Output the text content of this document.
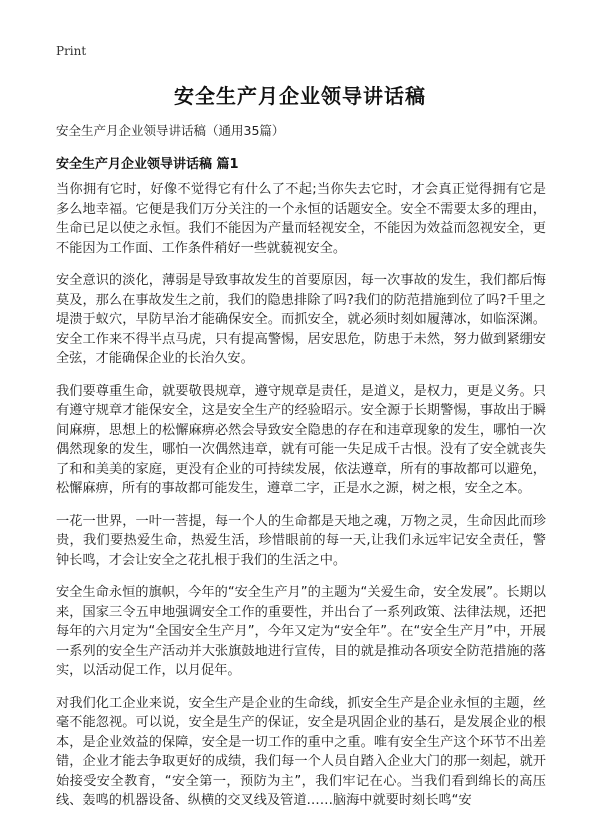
Print
安全生产月企业领导讲话稿

安全生产月企业领导讲话稿（通用35篇）

安全生产月企业领导讲话稿 篇1

当你拥有它时，好像不觉得它有什么了不起;当你失去它时，才会真正觉得拥有它是多么地幸福。它便是我们万分关注的一个永恒的话题安全。安全不需要太多的理由，生命已足以使之永恒。我们不能因为产量而轻视安全，不能因为效益而忽视安全，更不能因为工作面、工作条件稍好一些就藐视安全。

安全意识的淡化，薄弱是导致事故发生的首要原因，每一次事故的发生，我们都后悔莫及，那么在事故发生之前，我们的隐患排除了吗?我们的防范措施到位了吗?千里之堤溃于蚁穴，早防早治才能确保安全。而抓安全，就必须时刻如履薄冰，如临深渊。安全工作来不得半点马虎，只有提高警惕，居安思危，防患于未然，努力做到紧绷安全弦，才能确保企业的长治久安。

我们要尊重生命，就要敬畏规章，遵守规章是责任，是道义，是权力，更是义务。只有遵守规章才能保安全，这是安全生产的经验昭示。安全源于长期警惕，事故出于瞬间麻痹，思想上的松懈麻痹必然会导致安全隐患的存在和违章现象的发生，哪怕一次偶然现象的发生，哪怕一次偶然违章，就有可能一失足成千古恨。没有了安全就丧失了和和美美的家庭，更没有企业的可持续发展，依法遵章，所有的事故都可以避免，松懈麻痹，所有的事故都可能发生，遵章二字，正是水之源，树之根，安全之本。

一花一世界，一叶一菩提，每一个人的生命都是天地之魂，万物之灵，生命因此而珍贵，我们要热爱生命，热爱生活，珍惜眼前的每一天,让我们永远牢记安全责任，警钟长鸣，才会让安全之花扎根于我们的生活之中。

安全生命永恒的旗帜，今年的“安全生产月”的主题为“关爱生命，安全发展”。长期以来，国家三令五申地强调安全工作的重要性，并出台了一系列政策、法律法规，还把每年的六月定为“全国安全生产月”，今年又定为“安全年”。在“安全生产月”中，开展一系列的安全生产活动并大张旗鼓地进行宣传，目的就是推动各项安全防范措施的落实，以活动促工作，以月促年。

对我们化工企业来说，安全生产是企业的生命线，抓安全生产是企业永恒的主题，丝毫不能忽视。可以说，安全是生产的保证，安全是巩固企业的基石，是发展企业的根本，是企业效益的保障，安全是一切工作的重中之重。唯有安全生产这个环节不出差错，企业才能去争取更好的成绩，我们每一个人员自踏入企业大门的那一刻起，就开始接受安全教育，“安全第一，预防为主”，我们牢记在心。当我们看到绵长的高压线、轰鸣的机器设备、纵横的交叉线及管道……脑海中就要时刻长鸣“安
